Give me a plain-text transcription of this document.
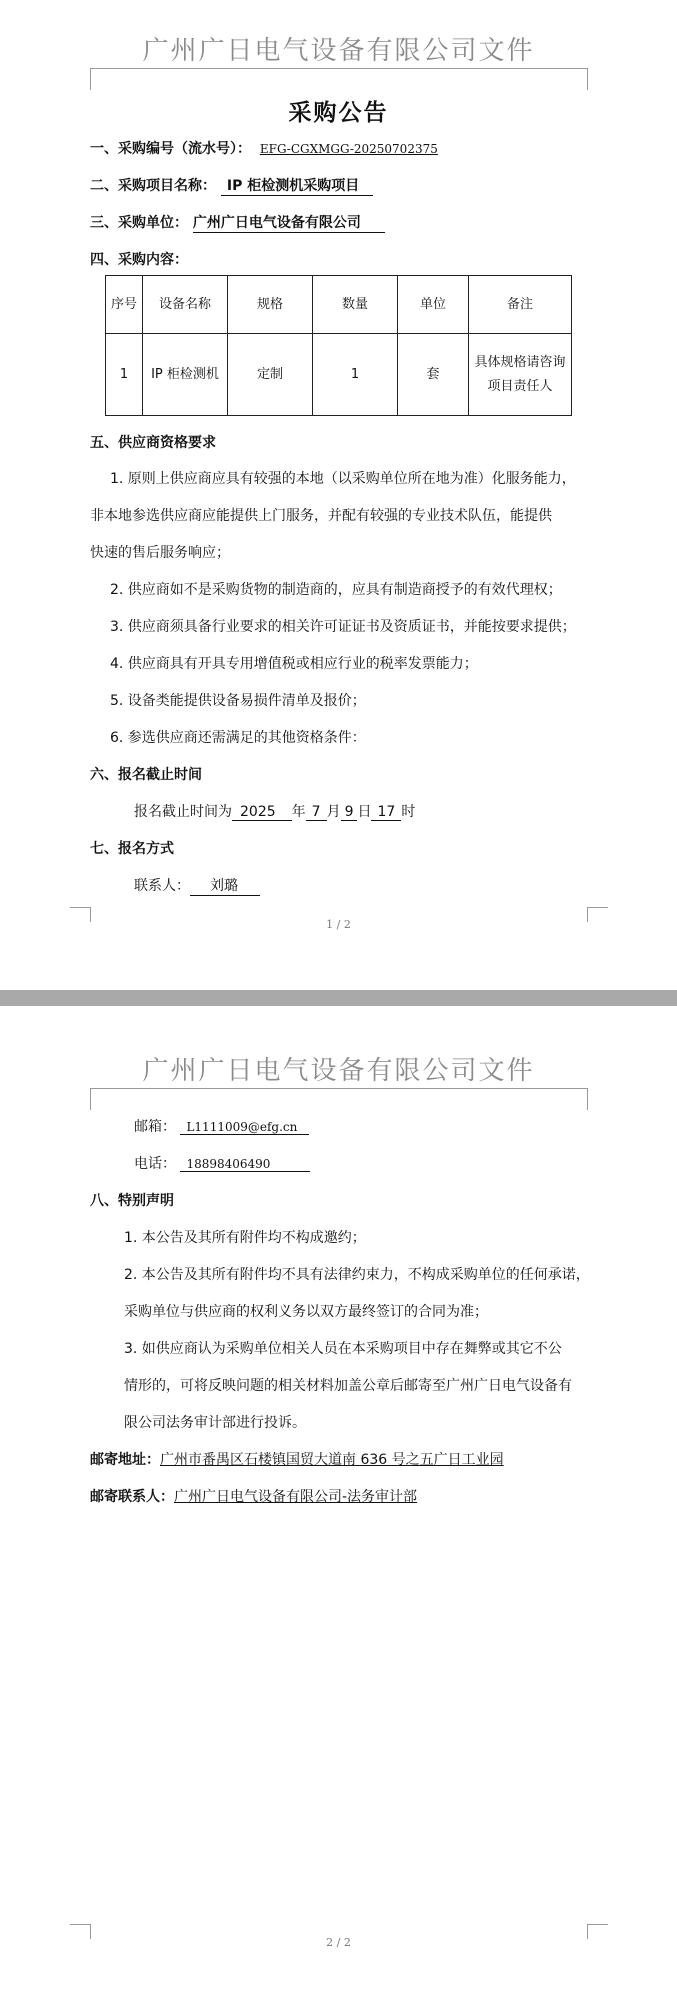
广州广日电气设备有限公司文件
采购公告
一、采购编号（流水号）： EFG-CGXMGG-20250702375
二、采购项目名称： IP 柜检测机采购项目
三、采购单位： 广州广日电气设备有限公司
四、采购内容：
序号	设备名称	规格	数量	单位	备注
1	IP 柜检测机	定制	1	套	具体规格请咨询项目责任人
五、供应商资格要求
1. 原则上供应商应具有较强的本地（以采购单位所在地为准）化服务能力，
非本地参选供应商应能提供上门服务，并配有较强的专业技术队伍，能提供
快速的售后服务响应；
2. 供应商如不是采购货物的制造商的，应具有制造商授予的有效代理权；
3. 供应商须具备行业要求的相关许可证证书及资质证书，并能按要求提供；
4. 供应商具有开具专用增值税或相应行业的税率发票能力；
5. 设备类能提供设备易损件清单及报价；
6. 参选供应商还需满足的其他资格条件：
六、报名截止时间
报名截止时间为 2025 年 7 月 9 日 17 时
七、报名方式
联系人： 刘璐
1 / 2
广州广日电气设备有限公司文件
邮箱： L1111009@efg.cn
电话： 18898406490
八、特别声明
1. 本公告及其所有附件均不构成邀约；
2. 本公告及其所有附件均不具有法律约束力，不构成采购单位的任何承诺，
采购单位与供应商的权利义务以双方最终签订的合同为准；
3. 如供应商认为采购单位相关人员在本采购项目中存在舞弊或其它不公
情形的，可将反映问题的相关材料加盖公章后邮寄至广州广日电气设备有
限公司法务审计部进行投诉。
邮寄地址：广州市番禺区石楼镇国贸大道南 636 号之五广日工业园
邮寄联系人：广州广日电气设备有限公司-法务审计部
2 / 2
